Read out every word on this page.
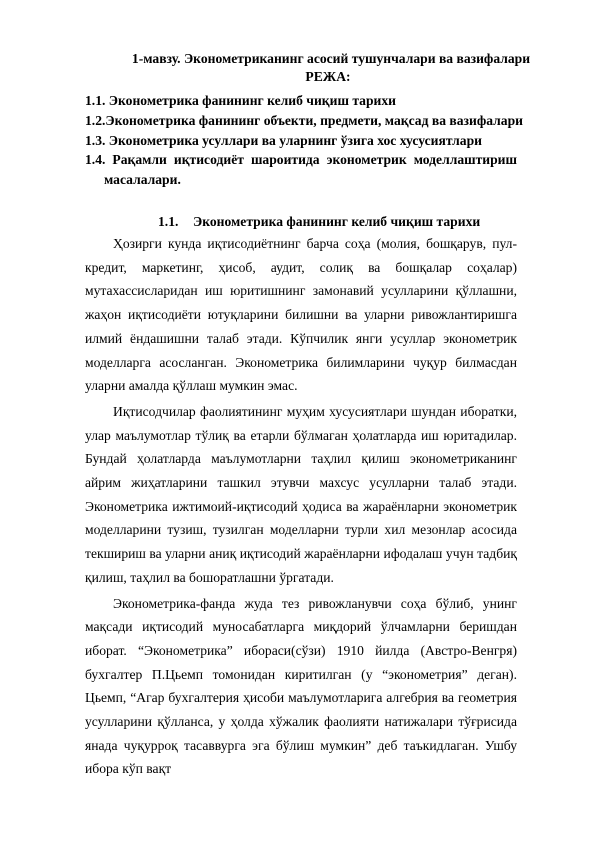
1-мавзу. Эконометриканинг асосий тушунчалари ва вазифалари
РЕЖА:
1.1. Эконометрика фанининг келиб чиқиш тарихи
1.2.Эконометрика фанининг объекти, предмети, мақсад ва вазифалари
1.3. Эконометрика усуллари ва уларнинг ўзига хос хусусиятлари
1.4. Рақамли иқтисодиёт шароитида эконометрик моделлаштириш
масалалари.
1.1. Эконометрика фанининг келиб чиқиш тарихи

Ҳозирги кунда иқтисодиётнинг барча соҳа (молия, бошқарув, пул-кредит, маркетинг, ҳисоб, аудит, солиқ ва бошқалар соҳалар) мутахассисларидан иш юритишнинг замонавий усулларини қўллашни, жаҳон иқтисодиёти ютуқларини билишни ва уларни ривожлантиришга илмий ёндашишни талаб этади. Кўпчилик янги усуллар эконометрик моделларга асосланган. Эконометрика билимларини чуқур билмасдан уларни амалда қўллаш мумкин эмас.

Иқтисодчилар фаолиятининг муҳим хусусиятлари шундан иборатки, улар маълумотлар тўлиқ ва етарли бўлмаган ҳолатларда иш юритадилар. Бундай ҳолатларда маълумотларни таҳлил қилиш эконометриканинг айрим жиҳатларини ташкил этувчи махсус усулларни талаб этади. Эконометрика ижтимоий-иқтисодий ҳодиса ва жараёнларни эконометрик моделларини тузиш, тузилган моделларни турли хил мезонлар асосида текшириш ва уларни аниқ иқтисодий жараёнларни ифодалаш учун тадбиқ қилиш, таҳлил ва бошоратлашни ўргатади.

Эконометрика-фанда жуда тез ривожланувчи соҳа бўлиб, унинг мақсади иқтисодий муносабатларга миқдорий ўлчамларни беришдан иборат. “Эконометрика” ибораси(сўзи) 1910 йилда (Австро-Венгря) бухгалтер П.Цьемп томонидан киритилган (у “эконометрия” деган). Цьемп, “Агар бухгалтерия ҳисоби маълумотларига алгебрия ва геометрия усулларини қўлланса, у ҳолда хўжалик фаолияти натижалари тўғрисида янада чуқурроқ тасаввурга эга бўлиш мумкин” деб таъкидлаган. Ушбу ибора кўп вақт
